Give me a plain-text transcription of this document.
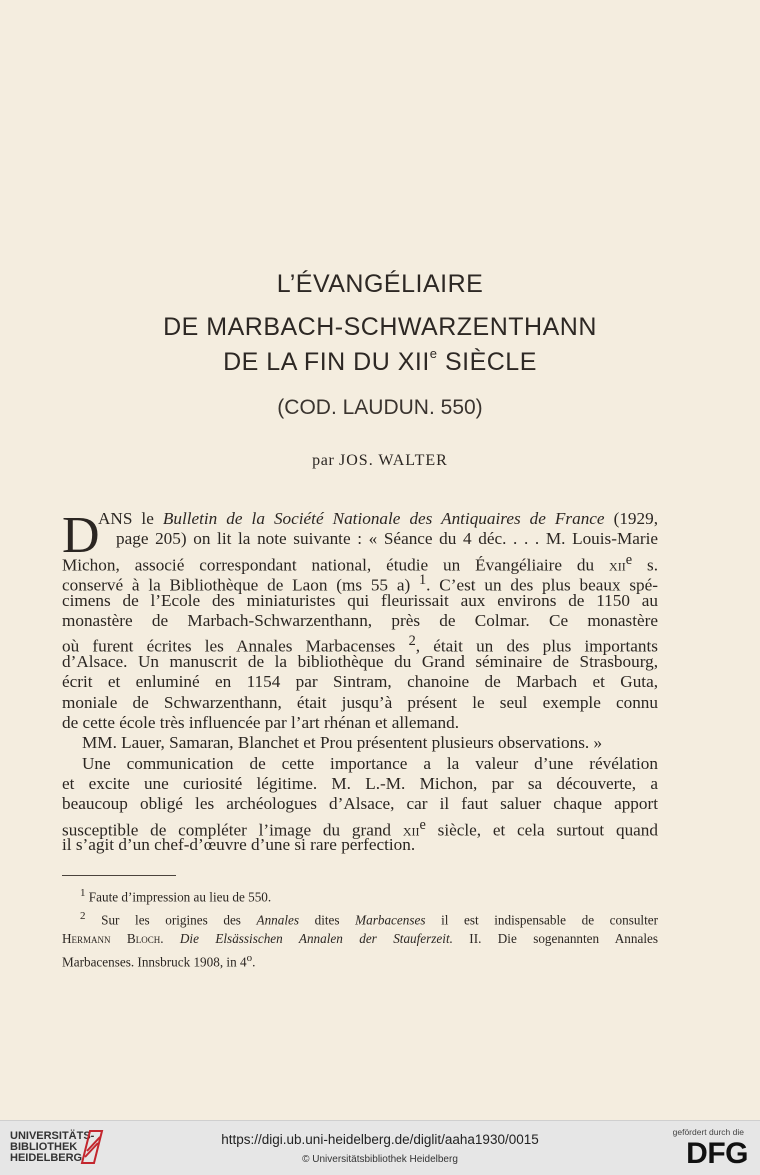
L’ÉVANGÉLIAIRE
DE MARBACH-SCHWARZENTHANN
DE LA FIN DU XIIe SIÈCLE
(COD. LAUDUN. 550)
par JOS. WALTER
D
ANS le Bulletin de la Société Nationale des Antiquaires de France (1929,
page 205) on lit la note suivante : « Séance du 4 déc. . . . M. Louis-Marie
Michon, associé correspondant national, étudie un Évangéliaire du xii$^e$ s.
conservé à la Bibliothèque de Laon (ms 55 a) $^1$. C’est un des plus beaux spé-
cimens de l’Ecole des miniaturistes qui fleurissait aux environs de 1150 au
monastère de Marbach-Schwarzenthann, près de Colmar. Ce monastère
où furent écrites les Annales Marbacenses $^2$, était un des plus importants
d’Alsace. Un manuscrit de la bibliothèque du Grand séminaire de Strasbourg,
écrit et enluminé en 1154 par Sintram, chanoine de Marbach et Guta,
moniale de Schwarzenthann, était jusqu’à présent le seul exemple connu
de cette école très influencée par l’art rhénan et allemand.
MM. Lauer, Samaran, Blanchet et Prou présentent plusieurs observations. »
Une communication de cette importance a la valeur d’une révélation
et excite une curiosité légitime. M. L.-M. Michon, par sa découverte, a
beaucoup obligé les archéologues d’Alsace, car il faut saluer chaque apport
susceptible de compléter l’image du grand xii$^e$ siècle, et cela surtout quand
il s’agit d’un chef-d’œuvre d’une si rare perfection.
$^1$ Faute d’impression au lieu de 550.
$^2$ Sur les origines des Annales dites Marbacenses il est indispensable de consulter
Hermann Bloch. Die Elsässischen Annalen der Stauferzeit. II. Die sogenannten Annales
Marbacenses. Innsbruck 1908, in 4$^o$.
UNIVERSITÄTS-
BIBLIOTHEK
HEIDELBERG
https://digi.ub.uni-heidelberg.de/diglit/aaha1930/0015
© Universitätsbibliothek Heidelberg
gefördert durch die
DFG
